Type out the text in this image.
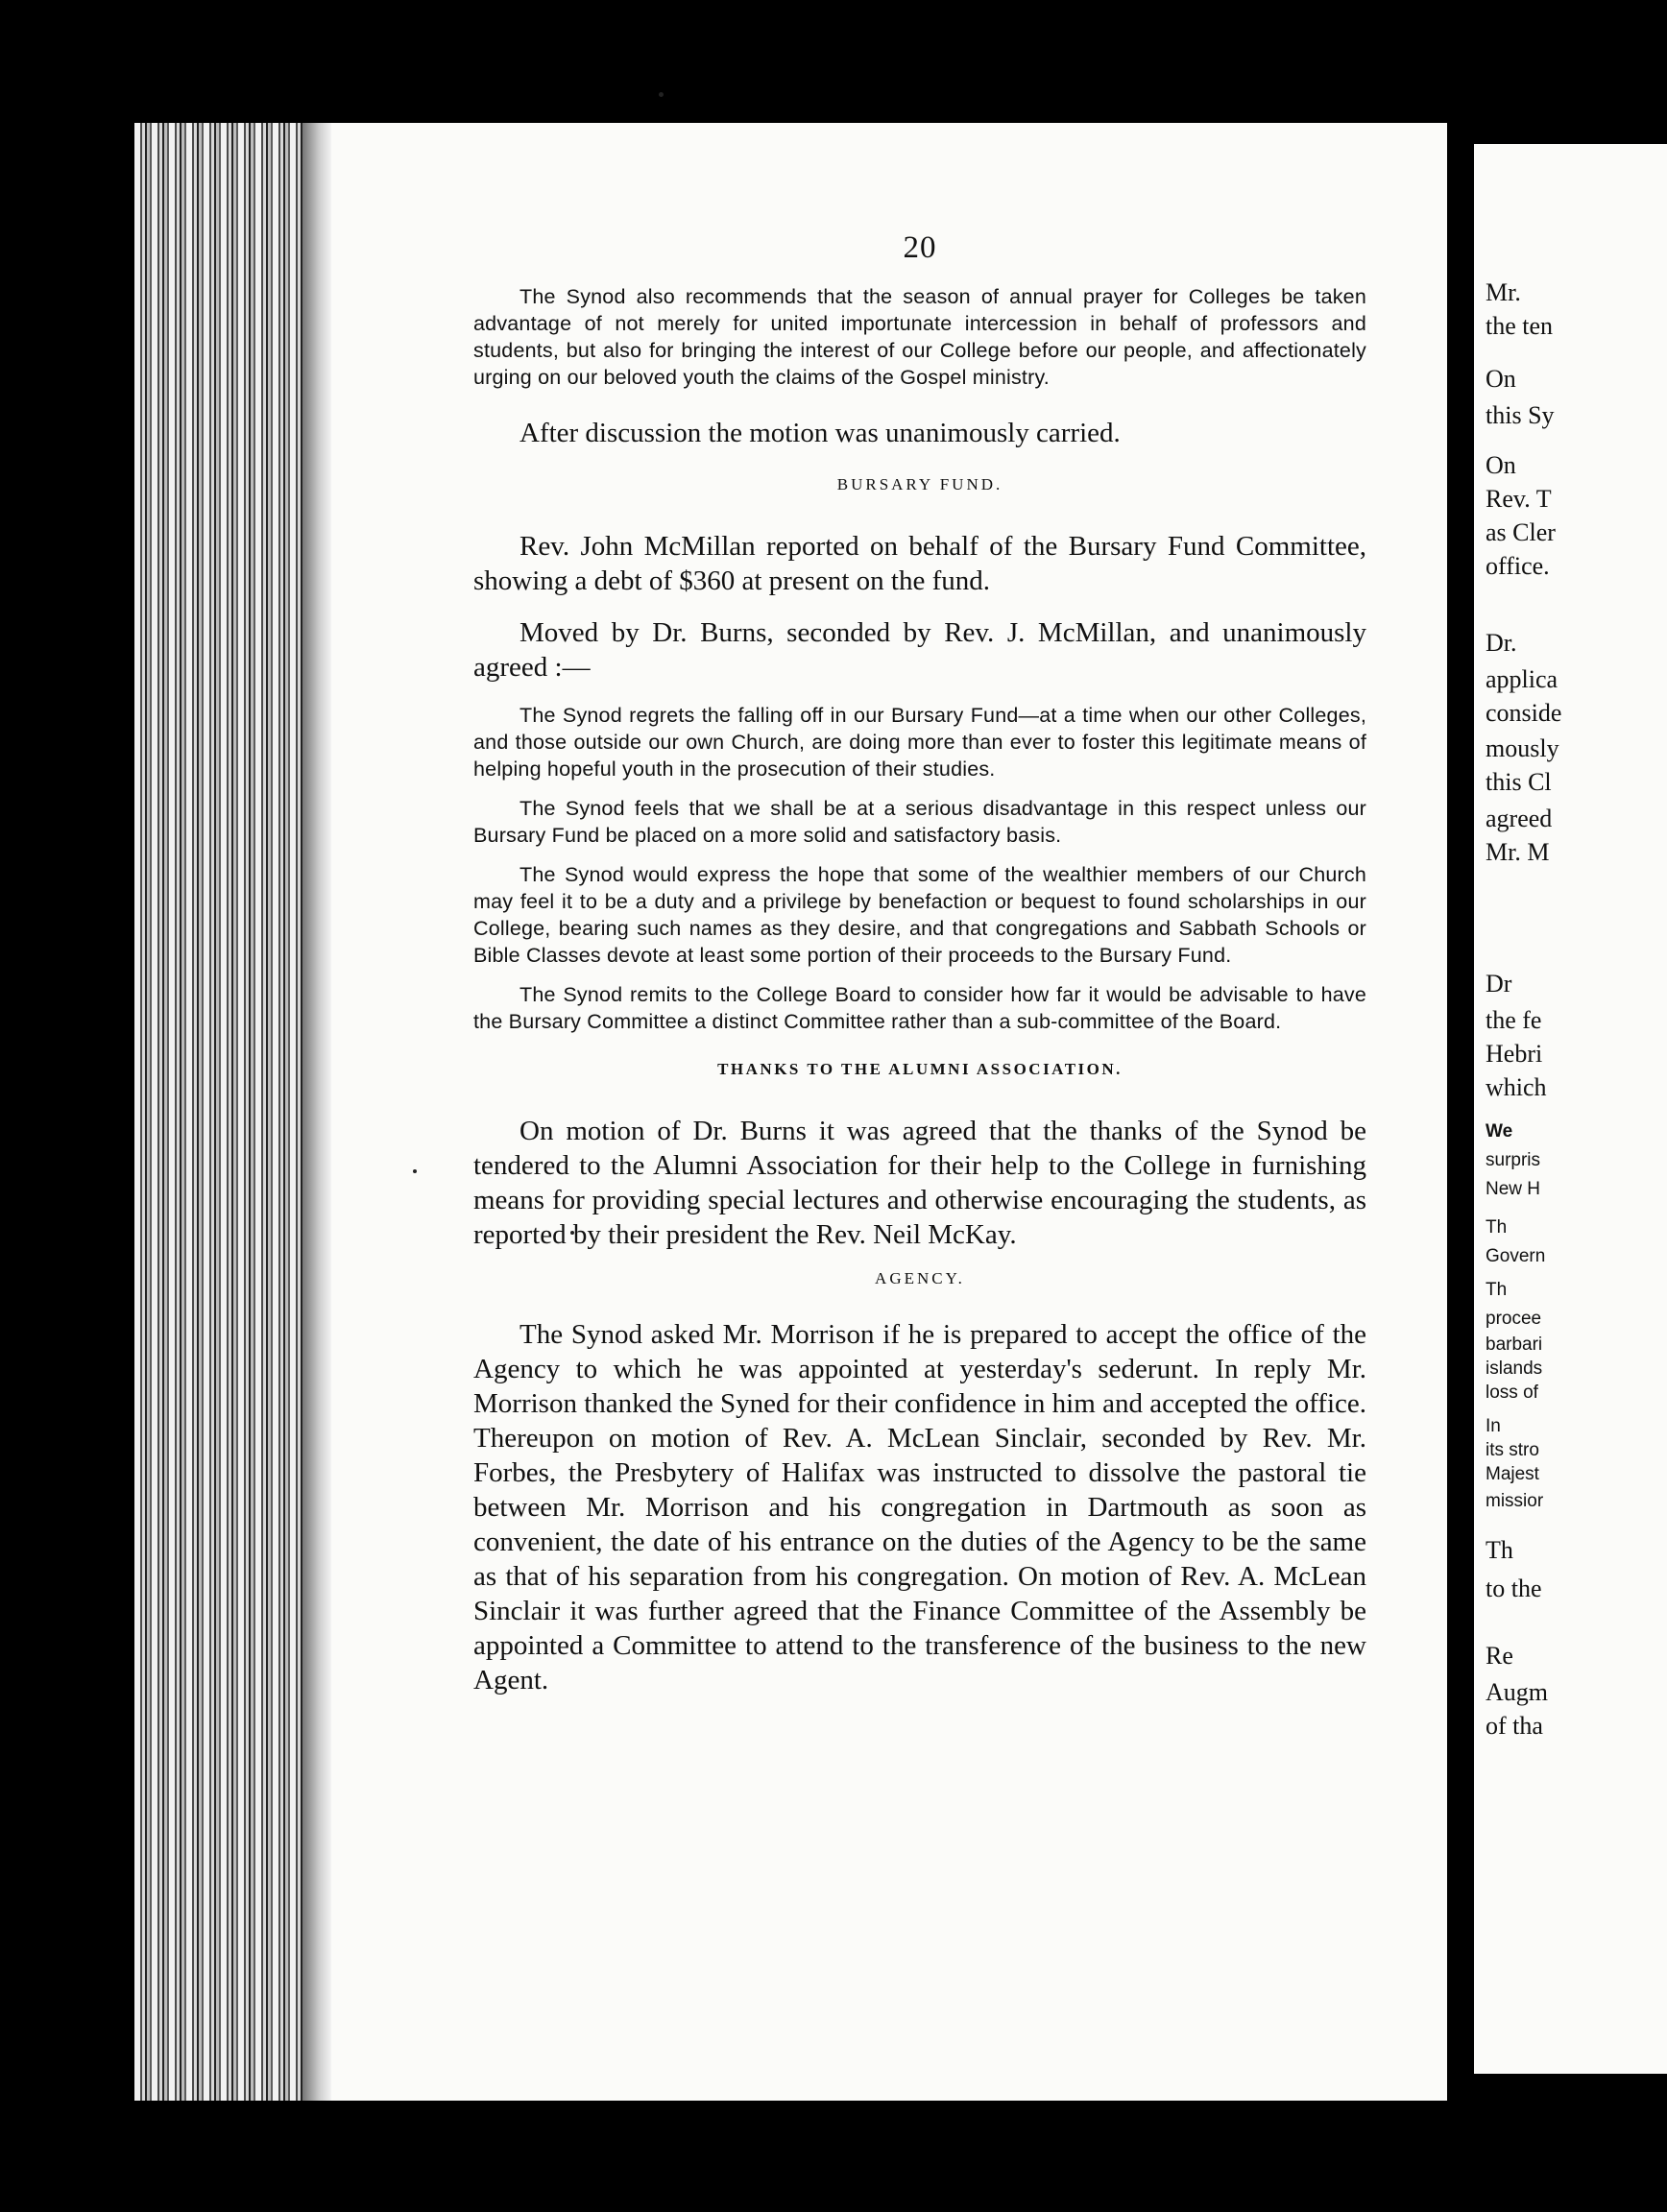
Mr.
the ten
On
this Sy
On
Rev. T
as Cler
office.
Dr.
applica
conside
mously
this Cl
agreed
Mr. M
Dr
the fe
Hebri
which
We
surpris
New H
Th
Govern
Th
procee
barbari
islands
loss of
In
its stro
Majest
missior
Th
to the
Re
Augm
of tha
20

The Synod also recommends that the season of annual prayer for Colleges be taken advantage of not merely for united importunate intercession in behalf of professors and students, but also for bringing the interest of our College before our people, and affectionately urging on our beloved youth the claims of the Gospel ministry.

After discussion the motion was unanimously carried.

BURSARY FUND.

Rev. John McMillan reported on behalf of the Bursary Fund Committee, showing a debt of $360 at present on the fund.

Moved by Dr. Burns, seconded by Rev. J. McMillan, and unanimously agreed :—

The Synod regrets the falling off in our Bursary Fund—at a time when our other Colleges, and those outside our own Church, are doing more than ever to foster this legitimate means of helping hopeful youth in the prosecution of their studies.

The Synod feels that we shall be at a serious disadvantage in this respect unless our Bursary Fund be placed on a more solid and satisfactory basis.

The Synod would express the hope that some of the wealthier members of our Church may feel it to be a duty and a privilege by benefaction or bequest to found scholarships in our College, bearing such names as they desire, and that congregations and Sabbath Schools or Bible Classes devote at least some portion of their proceeds to the Bursary Fund.

The Synod remits to the College Board to consider how far it would be advisable to have the Bursary Committee a distinct Committee rather than a sub-committee of the Board.

THANKS TO THE ALUMNI ASSOCIATION.

On motion of Dr. Burns it was agreed that the thanks of the Synod be tendered to the Alumni Association for their help to the College in furnishing means for providing special lectures and otherwise encouraging the students, as reported by their president the Rev. Neil McKay.

AGENCY.

The Synod asked Mr. Morrison if he is prepared to accept the office of the Agency to which he was appointed at yesterday's sederunt. In reply Mr. Morrison thanked the Syned for their confidence in him and accepted the office. Thereupon on motion of Rev. A. McLean Sinclair, seconded by Rev. Mr. Forbes, the Presbytery of Halifax was instructed to dissolve the pastoral tie between Mr. Morrison and his congregation in Dartmouth as soon as convenient, the date of his entrance on the duties of the Agency to be the same as that of his separation from his congregation. On motion of Rev. A. McLean Sinclair it was further agreed that the Finance Committee of the Assembly be appointed a Committee to attend to the transference of the business to the new Agent.
